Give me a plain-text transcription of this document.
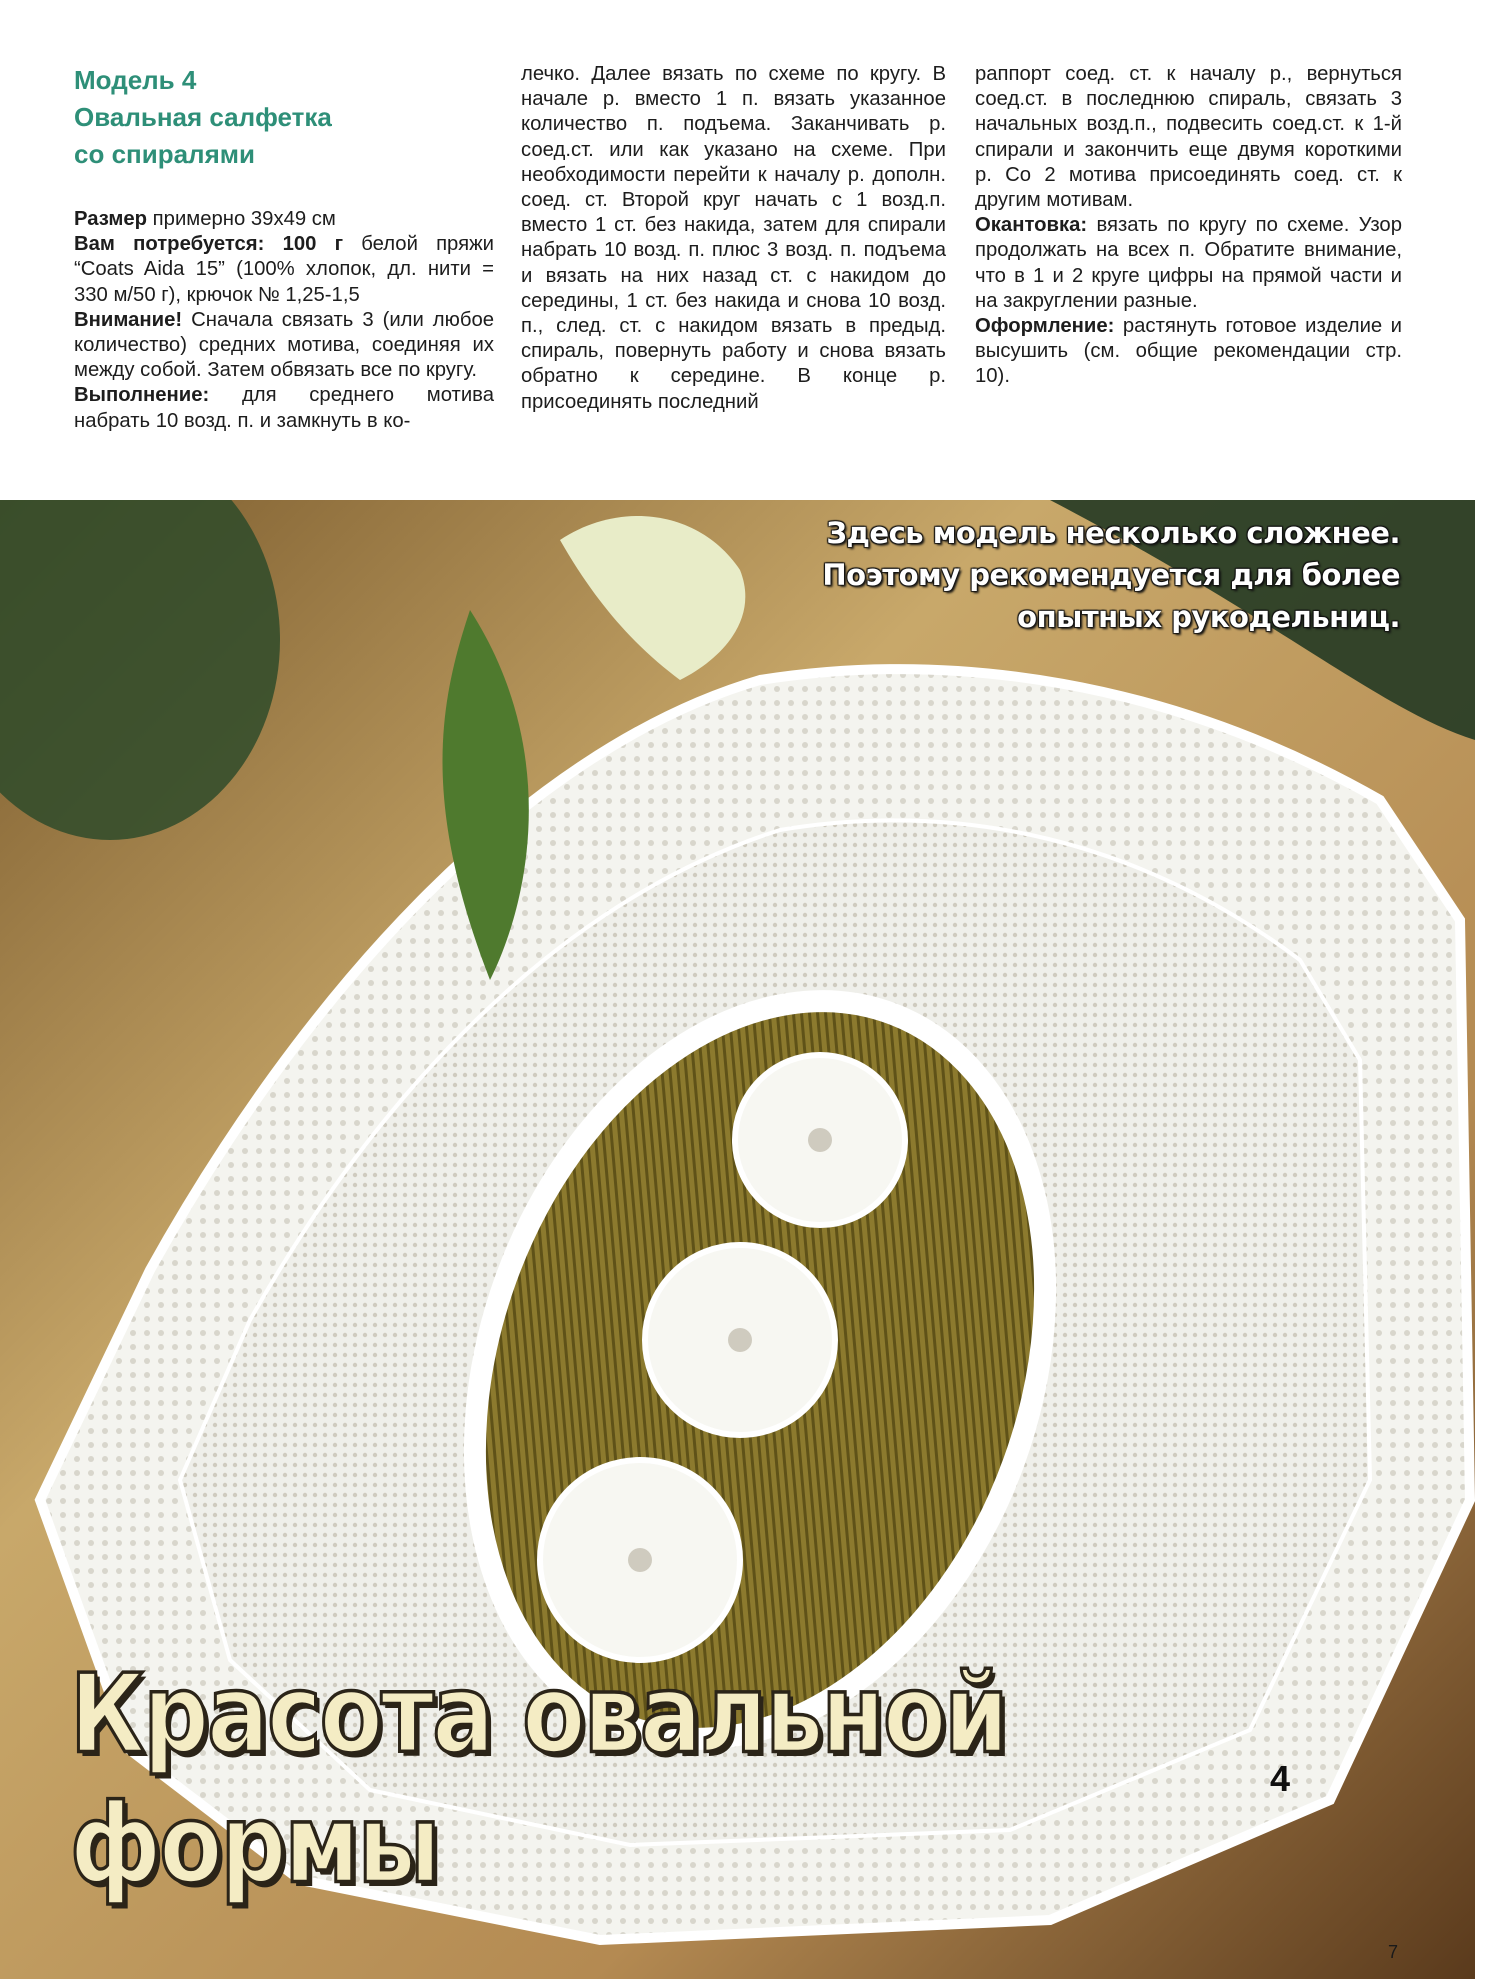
Модель 4
Овальная салфетка
со спиралями

Размер примерно 39x49 см

Вам потребуется: 100 г белой пряжи “Coats Aida 15” (100% хлопок, дл. нити = 330 м/50 г), крючок № 1,25-1,5

Внимание! Сначала связать 3 (или любое количество) средних мотива, соединяя их между собой. Затем обвязать все по кругу.

Выполнение: для среднего мотива набрать 10 возд. п. и замкнуть в ко-

лечко. Далее вязать по схеме по кругу. В начале р. вместо 1 п. вязать указанное количество п. подъема. Заканчивать р. соед.ст. или как указано на схеме. При необходимости перейти к началу р. дополн. соед. ст. Второй круг начать с 1 возд.п. вместо 1 ст. без накида, затем для спирали набрать 10 возд. п. плюс 3 возд. п. подъема и вязать на них назад ст. с накидом до середины, 1 ст. без накида и снова 10 возд. п., след. ст. с накидом вязать в предыд. спираль, повернуть работу и снова вязать обратно к середине. В конце р. присоединять последний

раппорт соед. ст. к началу р., вернуться соед.ст. в последнюю спираль, связать 3 начальных возд.п., подвесить соед.ст. к 1-й спирали и закончить еще двумя короткими р. Со 2 мотива присоединять соед. ст. к другим мотивам.

Окантовка: вязать по кругу по схеме. Узор продолжать на всех п. Обратите внимание, что в 1 и 2 круге цифры на прямой части и на закруглении разные.

Оформление: растянуть готовое изделие и высушить (см. общие рекомендации стр. 10).

Здесь модель несколько сложнее.
Поэтому рекомендуется для более
опытных рукодельниц.
Красота овальной
формы
4
7
